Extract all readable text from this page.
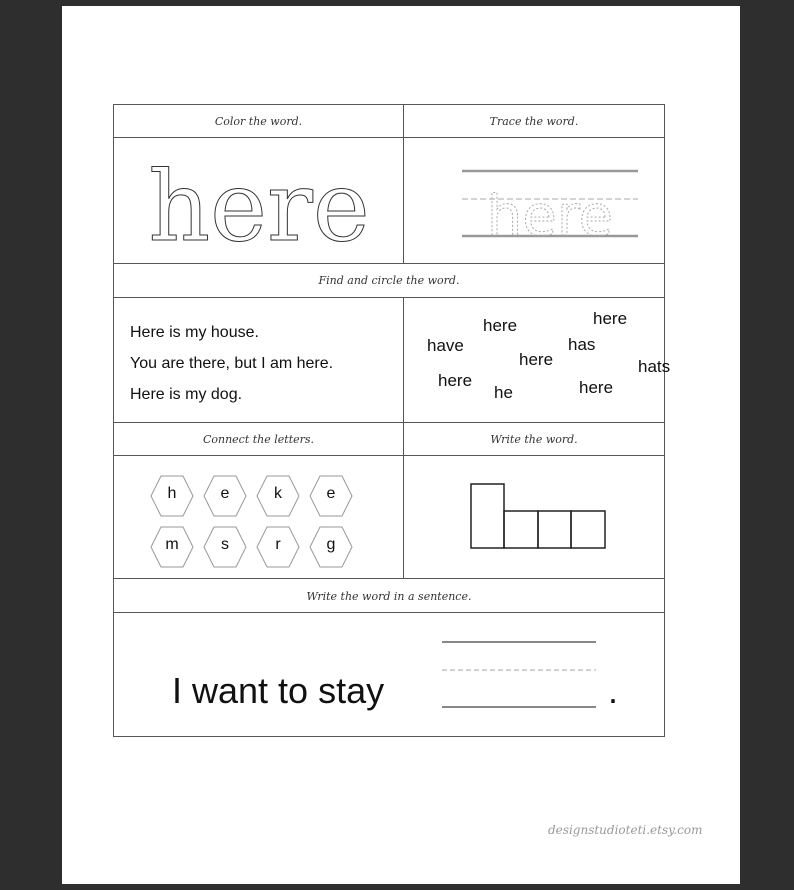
Color the word.	Trace the word.
here here
Find and circle the word.
Here is my house.
You are there, but I am here.
Here is my dog.
here	here
have	has
here	hats
here
he	here
Connect the letters.	Write the word.
h	e	k	e
m	s	r	g
Write the word in a sentence.
I want to stay	.
designstudioteti.etsy.com
